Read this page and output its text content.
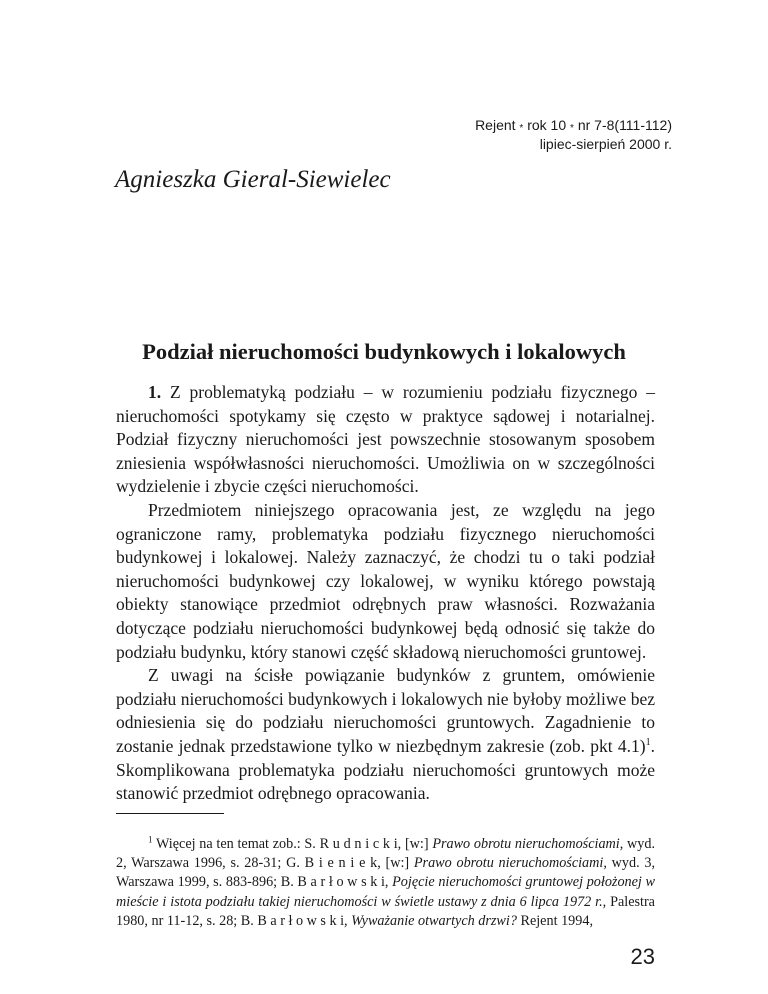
Rejent * rok 10 * nr 7-8(111-112)
lipiec-sierpień 2000 r.
Agnieszka Gieral-Siewielec
Podział nieruchomości budynkowych i lokalowych

1. Z problematyką podziału – w rozumieniu podziału fizycznego – nieruchomości spotykamy się często w praktyce sądowej i notarialnej. Podział fizyczny nieruchomości jest powszechnie stosowanym sposobem zniesienia współwłasności nieruchomości. Umożliwia on w szczególności wydzielenie i zbycie części nieruchomości.

Przedmiotem niniejszego opracowania jest, ze względu na jego ograniczone ramy, problematyka podziału fizycznego nieruchomości budynkowej i lokalowej. Należy zaznaczyć, że chodzi tu o taki podział nieruchomości budynkowej czy lokalowej, w wyniku którego powstają obiekty stanowiące przedmiot odrębnych praw własności. Rozważania dotyczące podziału nieruchomości budynkowej będą odnosić się także do podziału budynku, który stanowi część składową nieruchomości gruntowej.

Z uwagi na ścisłe powiązanie budynków z gruntem, omówienie podziału nieruchomości budynkowych i lokalowych nie byłoby możliwe bez odniesienia się do podziału nieruchomości gruntowych. Zagadnienie to zostanie jednak przedstawione tylko w niezbędnym zakresie (zob. pkt 4.1)$^1$. Skomplikowana problematyka podziału nieruchomości gruntowych może stanowić przedmiot odrębnego opracowania.

$^1$ Więcej na ten temat zob.: S. R u d n i c k i, [w:] Prawo obrotu nieruchomościami, wyd. 2, Warszawa 1996, s. 28-31; G. B i e n i e k, [w:] Prawo obrotu nieruchomościami, wyd. 3, Warszawa 1999, s. 883-896; B. B a r ł o w s k i, Pojęcie nieruchomości gruntowej położonej w mieście i istota podziału takiej nieruchomości w świetle ustawy z dnia 6 lipca 1972 r., Palestra 1980, nr 11-12, s. 28; B. B a r ł o w s k i, Wyważanie otwartych drzwi? Rejent 1994,

23
